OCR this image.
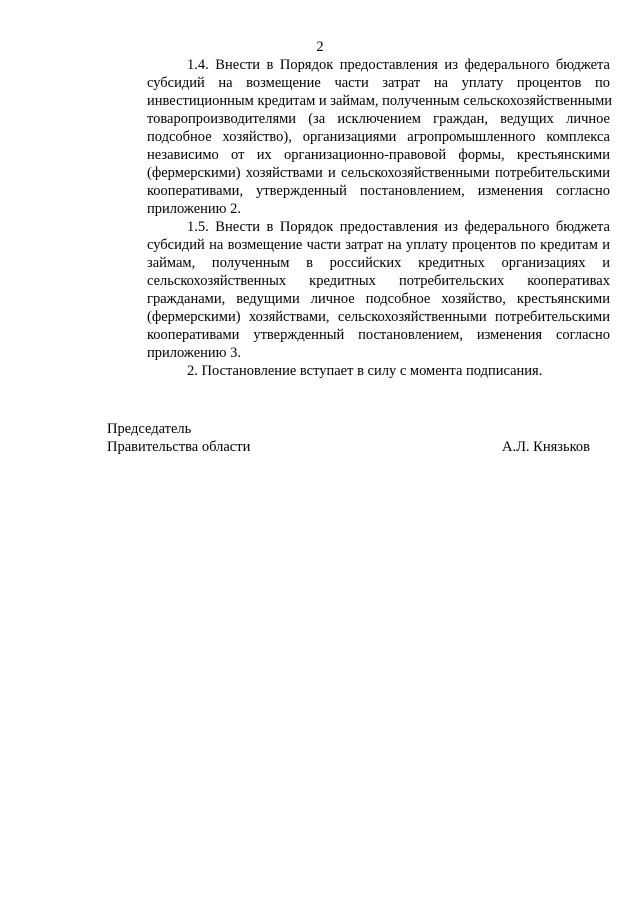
2
1.4. Внести в Порядок предоставления из федерального бюджета
субсидий на возмещение части затрат на уплату процентов по
инвестиционным кредитам и займам, полученным сельскохозяйственными
товаропроизводителями (за исключением граждан, ведущих личное
подсобное хозяйство), организациями агропромышленного комплекса
независимо от их организационно-правовой формы, крестьянскими
(фермерскими) хозяйствами и сельскохозяйственными потребительскими
кооперативами, утвержденный постановлением, изменения согласно
приложению 2.
1.5. Внести в Порядок предоставления из федерального бюджета
субсидий на возмещение части затрат на уплату процентов по кредитам и
займам, полученным в российских кредитных организациях и
сельскохозяйственных кредитных потребительских кооперативах
гражданами, ведущими личное подсобное хозяйство, крестьянскими
(фермерскими) хозяйствами, сельскохозяйственными потребительскими
кооперативами утвержденный постановлением, изменения согласно
приложению 3.
2. Постановление вступает в силу с момента подписания.
Председатель
Правительства области	А.Л. Князьков
